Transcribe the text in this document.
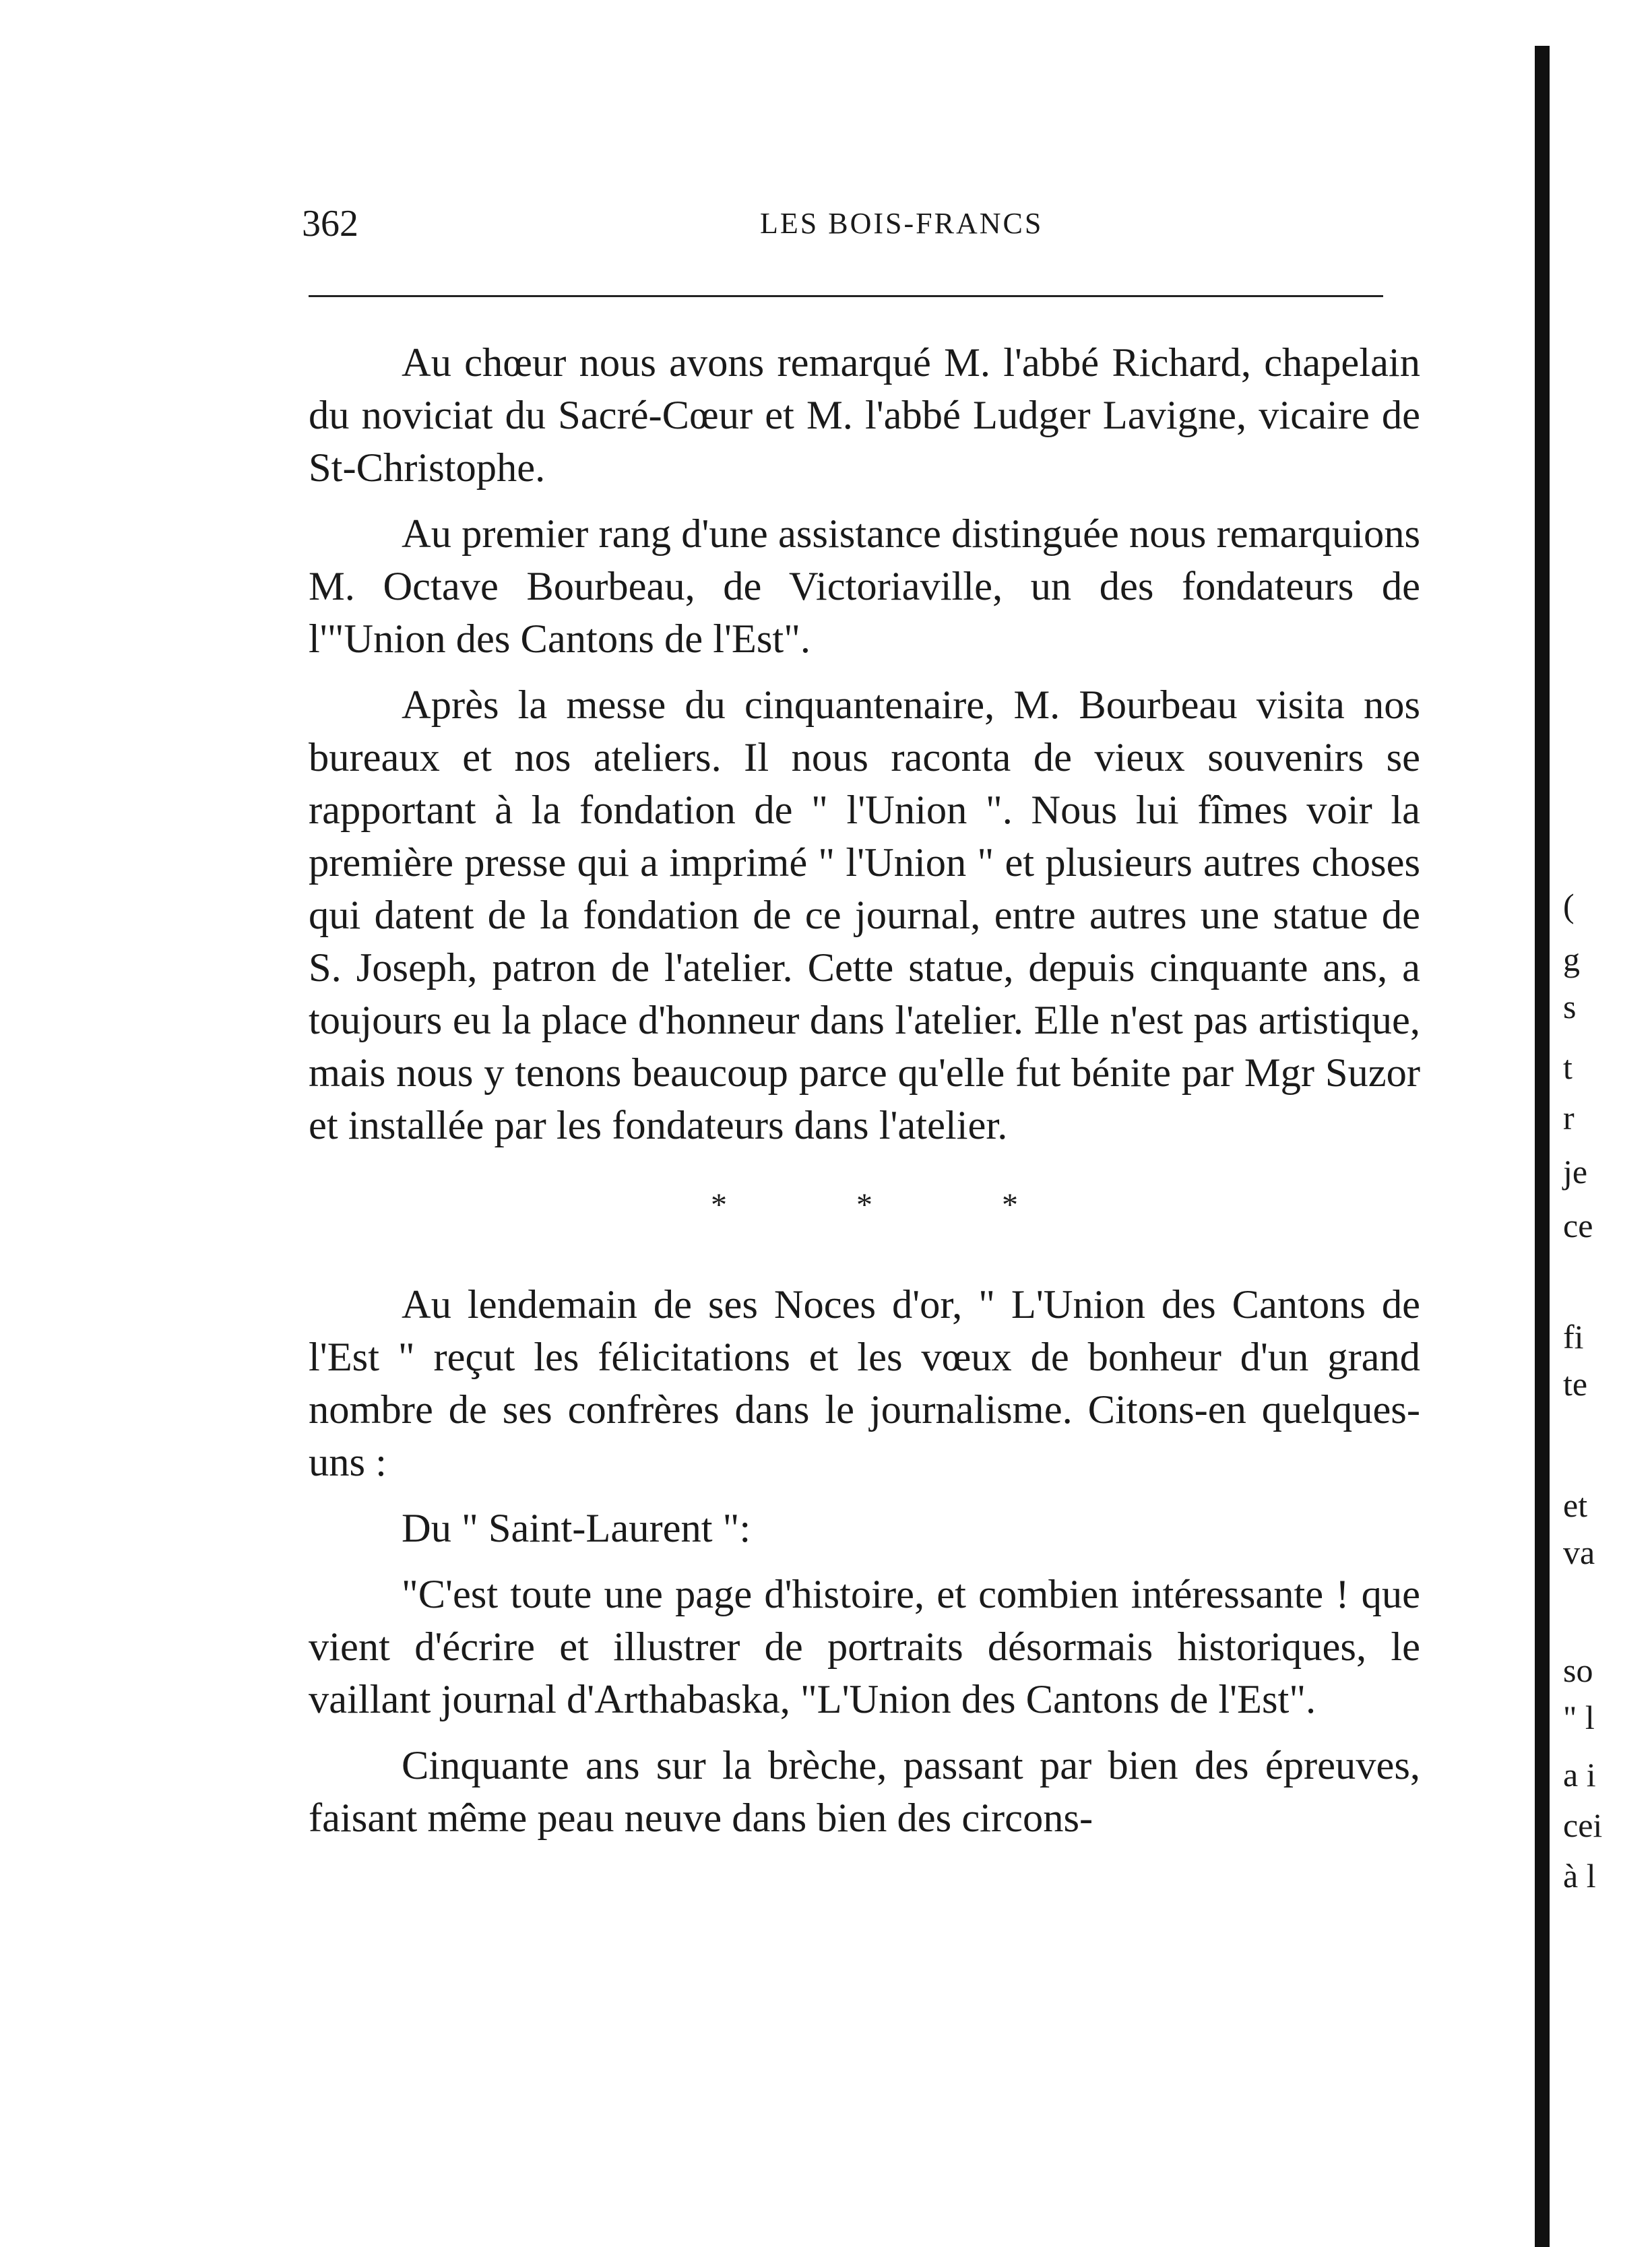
362	LES BOIS-FRANCS

Au chœur nous avons remarqué M. l'abbé Richard, chapelain du noviciat du Sacré-Cœur et M. l'abbé Ludger Lavigne, vicaire de St-Christophe.

Au premier rang d'une assistance distinguée nous remarquions M. Octave Bourbeau, de Victoriaville, un des fondateurs de l'"Union des Cantons de l'Est".

Après la messe du cinquantenaire, M. Bourbeau visita nos bureaux et nos ateliers. Il nous raconta de vieux souvenirs se rapportant à la fondation de " l'Union ". Nous lui fîmes voir la première presse qui a imprimé " l'Union " et plusieurs autres choses qui datent de la fondation de ce journal, entre autres une statue de S. Joseph, patron de l'atelier. Cette statue, depuis cinquante ans, a toujours eu la place d'honneur dans l'atelier. Elle n'est pas artistique, mais nous y tenons beaucoup parce qu'elle fut bénite par Mgr Suzor et installée par les fondateurs dans l'atelier.

* * *

Au lendemain de ses Noces d'or, " L'Union des Cantons de l'Est " reçut les félicitations et les vœux de bonheur d'un grand nombre de ses confrères dans le journalisme. Citons-en quelques-uns :

Du " Saint-Laurent ":

"C'est toute une page d'histoire, et combien intéressante ! que vient d'écrire et illustrer de portraits désormais historiques, le vaillant journal d'Arthabaska, "L'Union des Cantons de l'Est".

Cinquante ans sur la brèche, passant par bien des épreuves, faisant même peau neuve dans bien des circons-

(
g
s
t
r
je
ce
fi
te
et
va
so
" l
a i
cei
à l
